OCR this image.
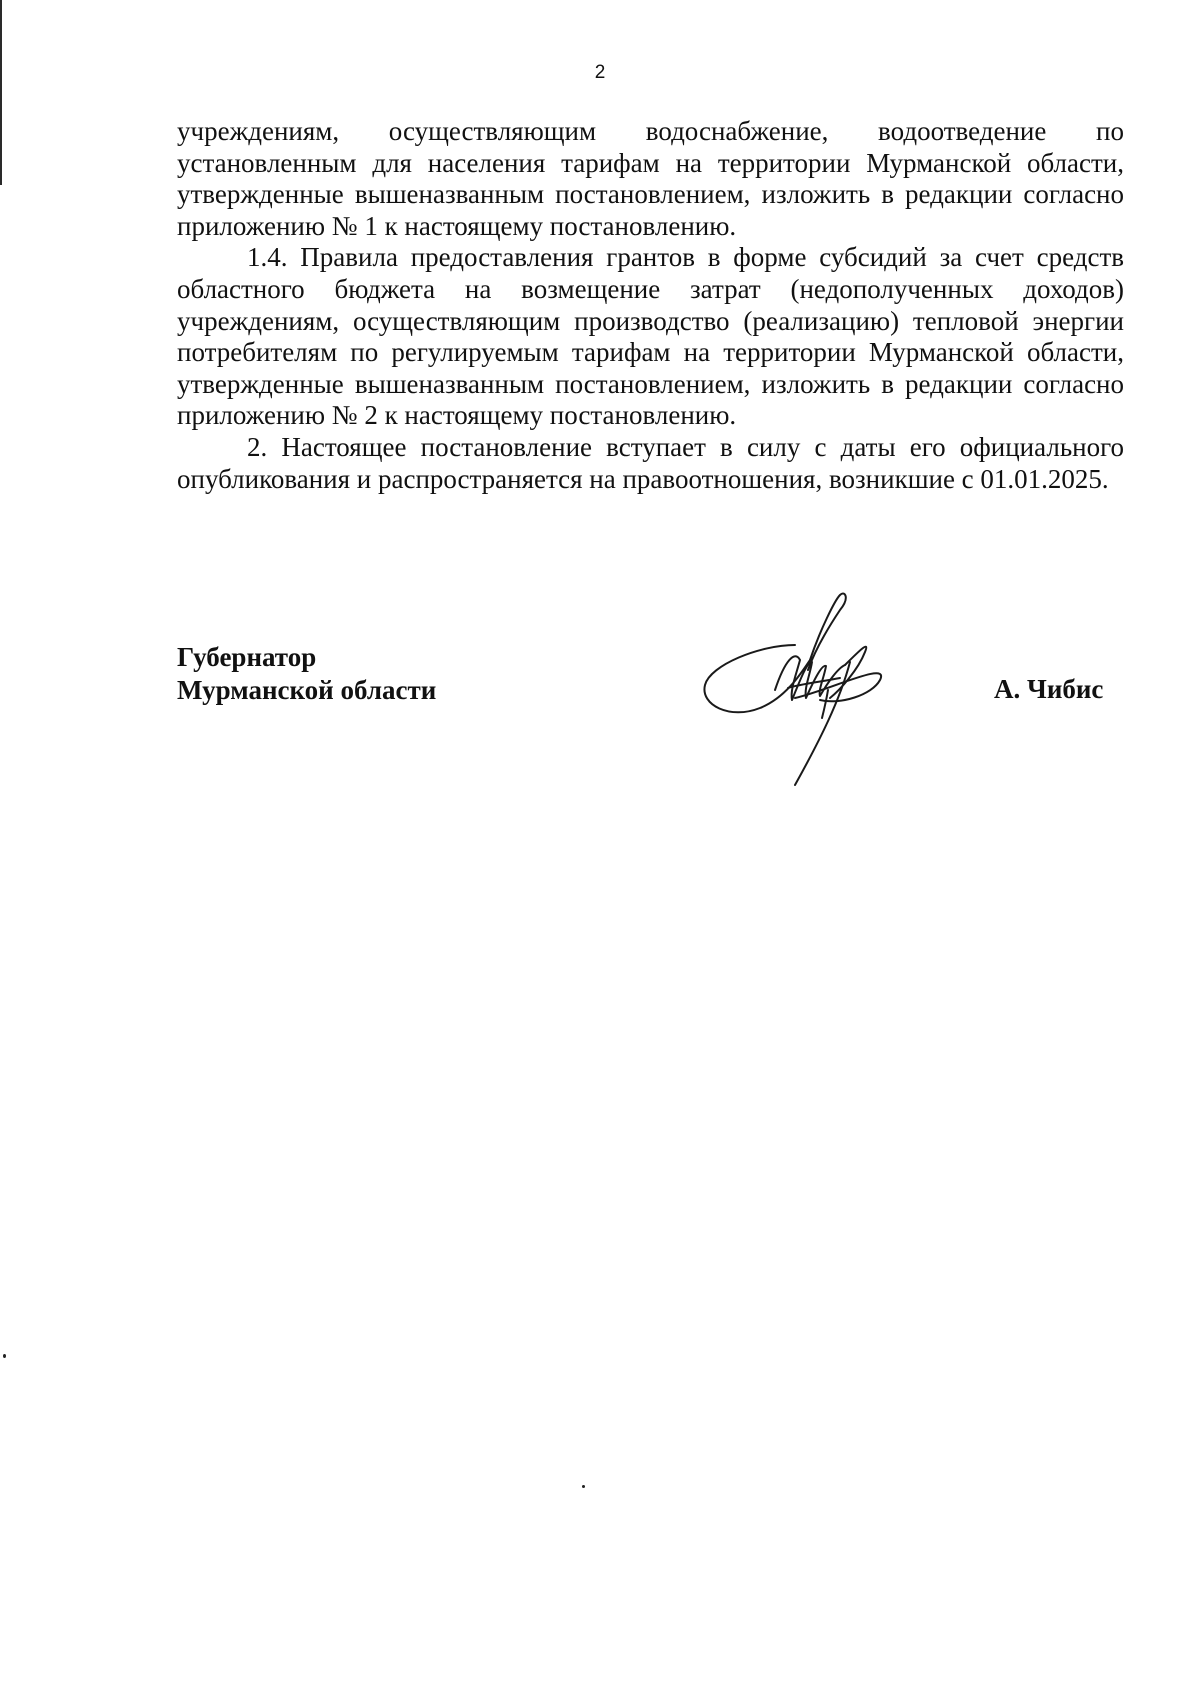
2

учреждениям, осуществляющим водоснабжение, водоотведение по установленным для населения тарифам на территории Мурманской области, утвержденные вышеназванным постановлением, изложить в редакции согласно приложению № 1 к настоящему постановлению.

1.4. Правила предоставления грантов в форме субсидий за счет средств областного бюджета на возмещение затрат (недополученных доходов) учреждениям, осуществляющим производство (реализацию) тепловой энергии потребителям по регулируемым тарифам на территории Мурманской области, утвержденные вышеназванным постановлением, изложить в редакции согласно приложению № 2 к настоящему постановлению.

2. Настоящее постановление вступает в силу с даты его официального опубликования и распространяется на правоотношения, возникшие с 01.01.2025.

Губернатор
Мурманской области	А. Чибис
